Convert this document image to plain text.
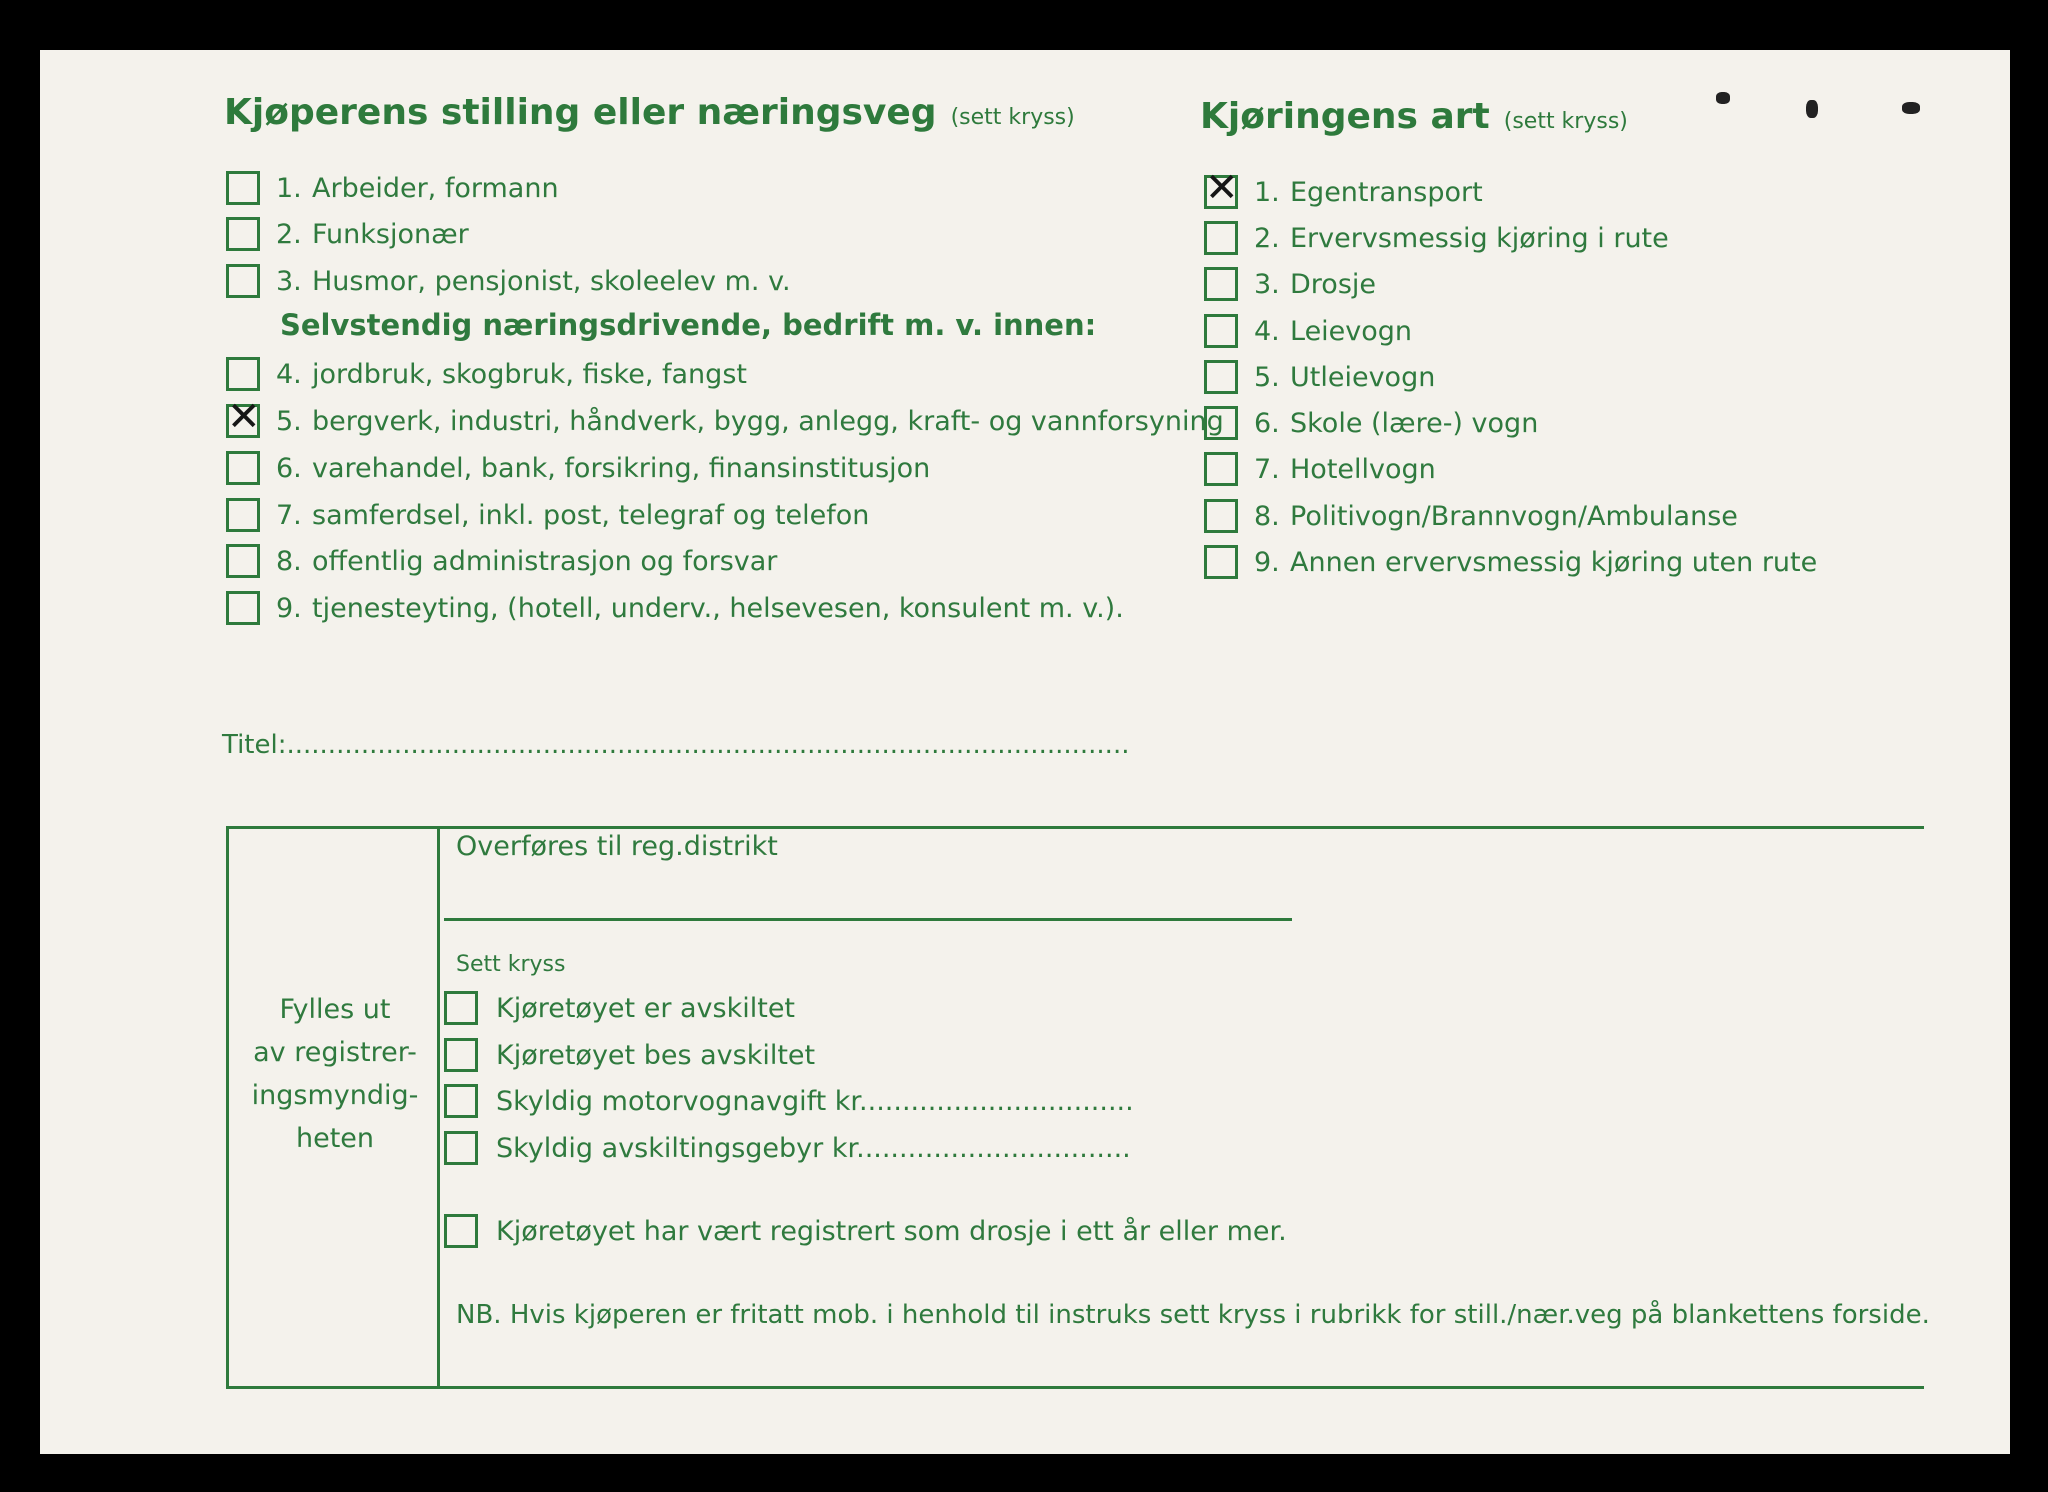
Kjøperens stilling eller næringsveg (sett kryss)
1. Arbeider, formann
2. Funksjonær
3. Husmor, pensjonist, skoleelev m. v.
Selvstendig næringsdrivende, bedrift m. v. innen:
4. jordbruk, skogbruk, fiske, fangst
✕
5. bergverk, industri, håndverk, bygg, anlegg, kraft- og vannforsyning
6. varehandel, bank, forsikring, finansinstitusjon
7. samferdsel, inkl. post, telegraf og telefon
8. offentlig administrasjon og forsvar
9. tjenesteyting, (hotell, underv., helsevesen, konsulent m. v.).
Kjøringens art (sett kryss)
✕
1. Egentransport
2. Ervervsmessig kjøring i rute
3. Drosje
4. Leievogn
5. Utleievogn
6. Skole (lære-) vogn
7. Hotellvogn
8. Politivogn/Brannvogn/Ambulanse
9. Annen ervervsmessig kjøring uten rute
Titel:......................................................................................................
Fylles ut
av registrer-
ingsmyndig-
heten
Overføres til reg.distrikt
Sett kryss
Kjøretøyet er avskiltet
Kjøretøyet bes avskiltet
Skyldig motorvognavgift kr. ...............................
Skyldig avskiltingsgebyr kr. ...............................
Kjøretøyet har vært registrert som drosje i ett år eller mer.
NB. Hvis kjøperen er fritatt mob. i henhold til instruks sett kryss i rubrikk for still./nær.veg på blankettens forside.
